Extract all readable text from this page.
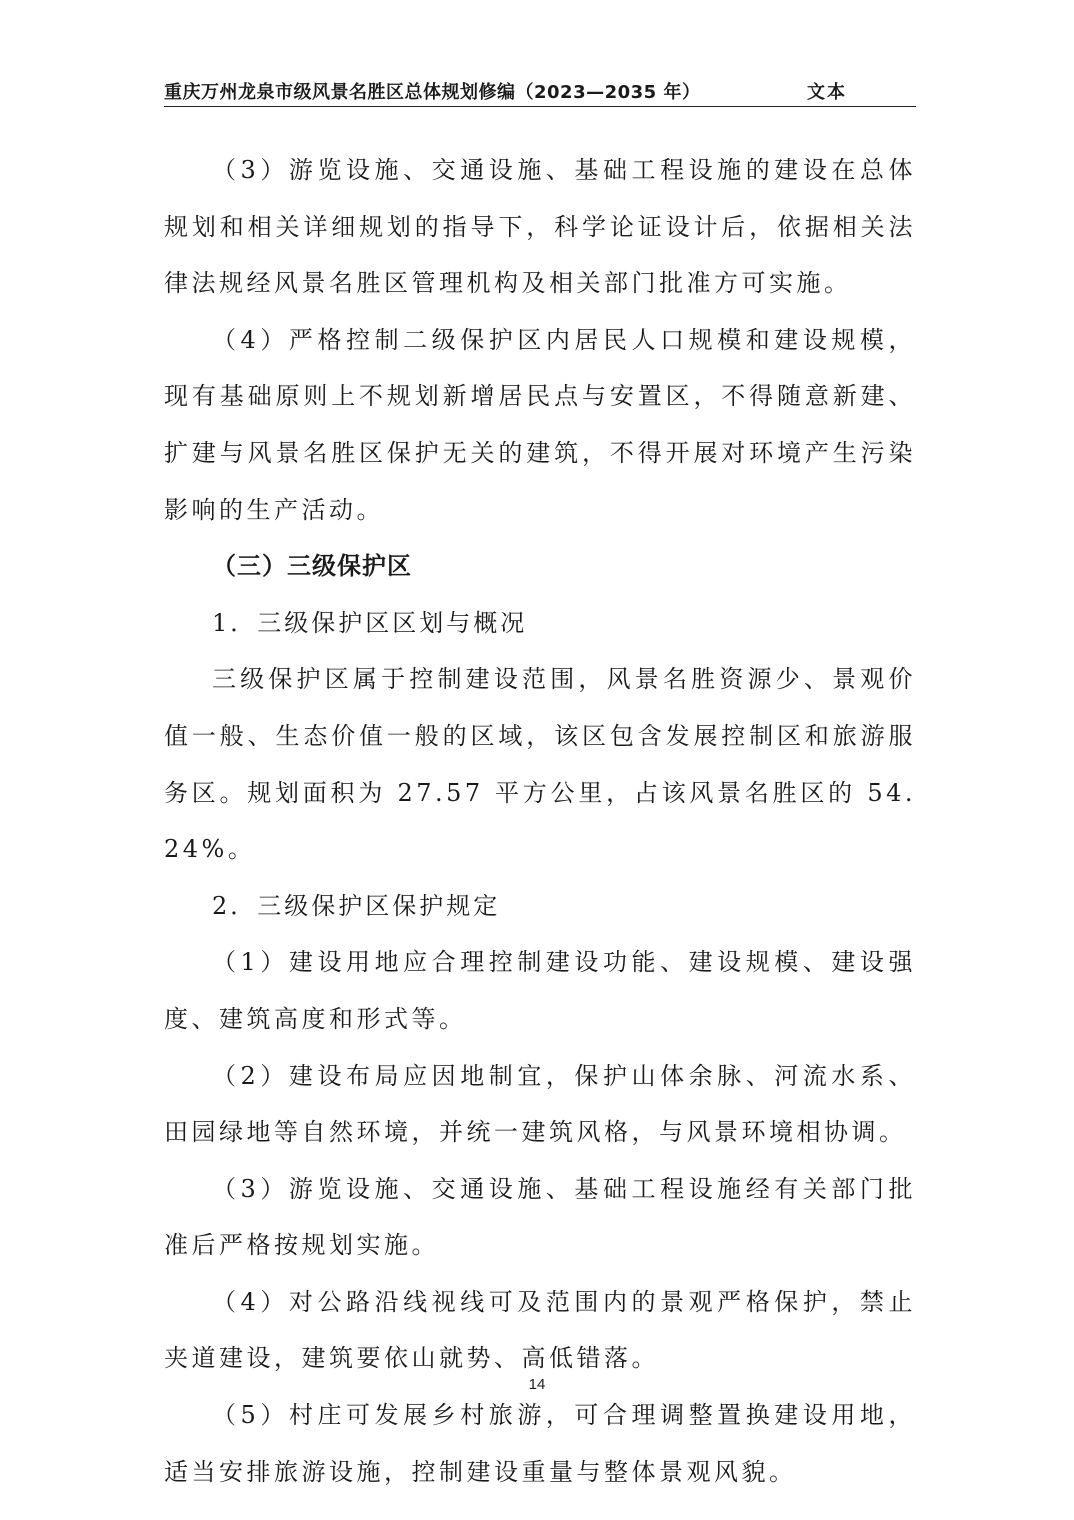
重庆万州龙泉市级风景名胜区总体规划修编（2023—2035 年）	文本

（3）游览设施、交通设施、基础工程设施的建设在总体规划和相关详细规划的指导下，科学论证设计后，依据相关法律法规经风景名胜区管理机构及相关部门批准方可实施。

（4）严格控制二级保护区内居民人口规模和建设规模，现有基础原则上不规划新增居民点与安置区，不得随意新建、扩建与风景名胜区保护无关的建筑，不得开展对环境产生污染影响的生产活动。

（三）三级保护区

1．三级保护区区划与概况

三级保护区属于控制建设范围，风景名胜资源少、景观价值一般、生态价值一般的区域，该区包含发展控制区和旅游服务区。规划面积为 27.57 平方公里，占该风景名胜区的 54.24%。

2．三级保护区保护规定

（1）建设用地应合理控制建设功能、建设规模、建设强度、建筑高度和形式等。

（2）建设布局应因地制宜，保护山体余脉、河流水系、田园绿地等自然环境，并统一建筑风格，与风景环境相协调。

（3）游览设施、交通设施、基础工程设施经有关部门批准后严格按规划实施。

（4）对公路沿线视线可及范围内的景观严格保护，禁止夹道建设，建筑要依山就势、高低错落。

（5）村庄可发展乡村旅游，可合理调整置换建设用地，适当安排旅游设施，控制建设重量与整体景观风貌。

14
